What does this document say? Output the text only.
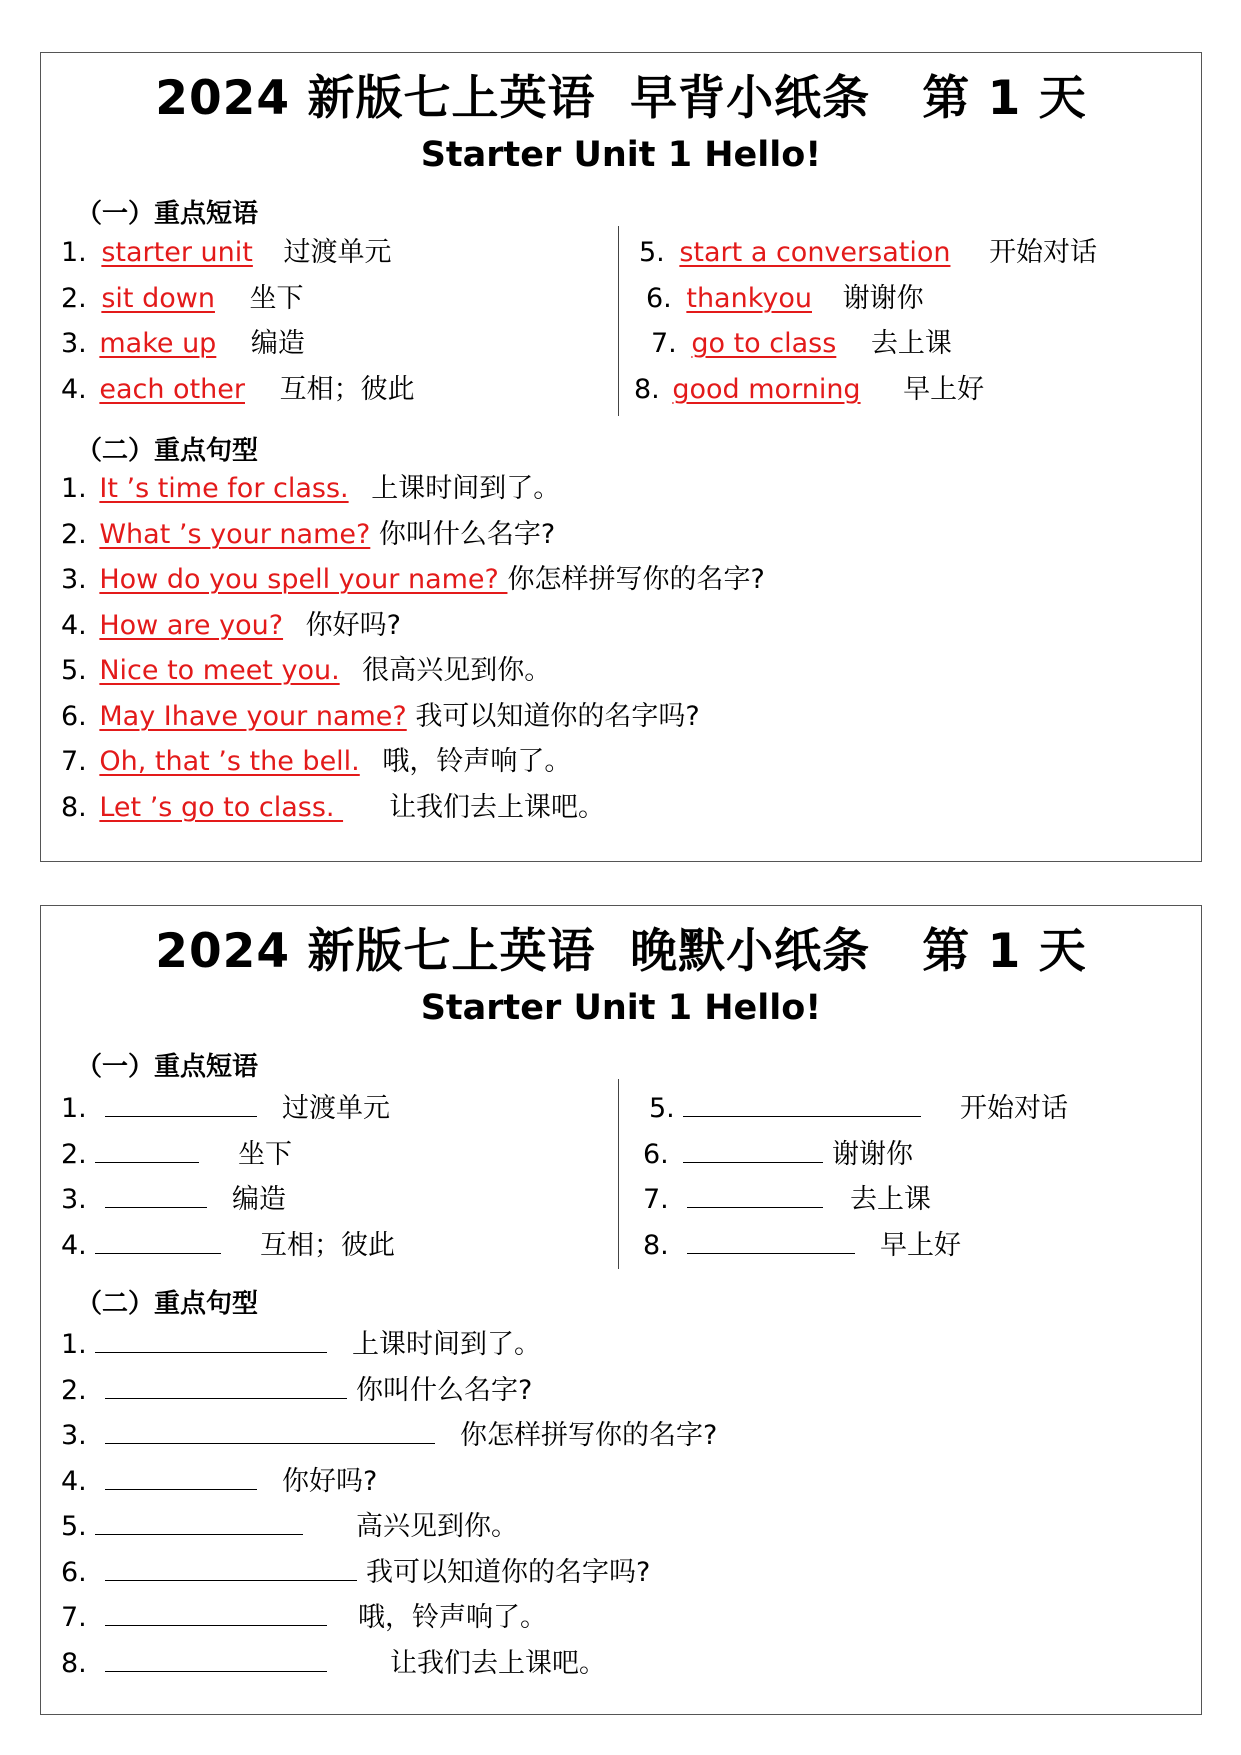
2024 新版七上英语  早背小纸条   第 1 天
Starter Unit 1 Hello!
（一）重点短语
1. starter unit 过渡单元
2. sit down 坐下
3. make up 编造
4. each other 互相；彼此
5. start a conversation 开始对话
6. thankyou 谢谢你
7. go to class 去上课
8. good morning 早上好
（二）重点句型
1. It ’s time for class. 上课时间到了。
2. What ’s your name? 你叫什么名字?
3. How do you spell your name? 你怎样拼写你的名字?
4. How are you? 你好吗?
5. Nice to meet you. 很高兴见到你。
6. May Ihave your name? 我可以知道你的名字吗?
7. Oh, that ’s the bell. 哦，铃声响了。
8. Let ’s go to class. 让我们去上课吧。
2024 新版七上英语  晚默小纸条   第 1 天
Starter Unit 1 Hello!
（一）重点短语
1.	过渡单元
2.	坐下
3.	编造
4.	互相；彼此
5.	开始对话
6.	谢谢你
7.	去上课
8.	早上好
（二）重点句型
1.	上课时间到了。
2.	你叫什么名字?
3.	你怎样拼写你的名字?
4.	你好吗?
5.	高兴见到你。
6.	我可以知道你的名字吗?
7.	哦，铃声响了。
8.	让我们去上课吧。
